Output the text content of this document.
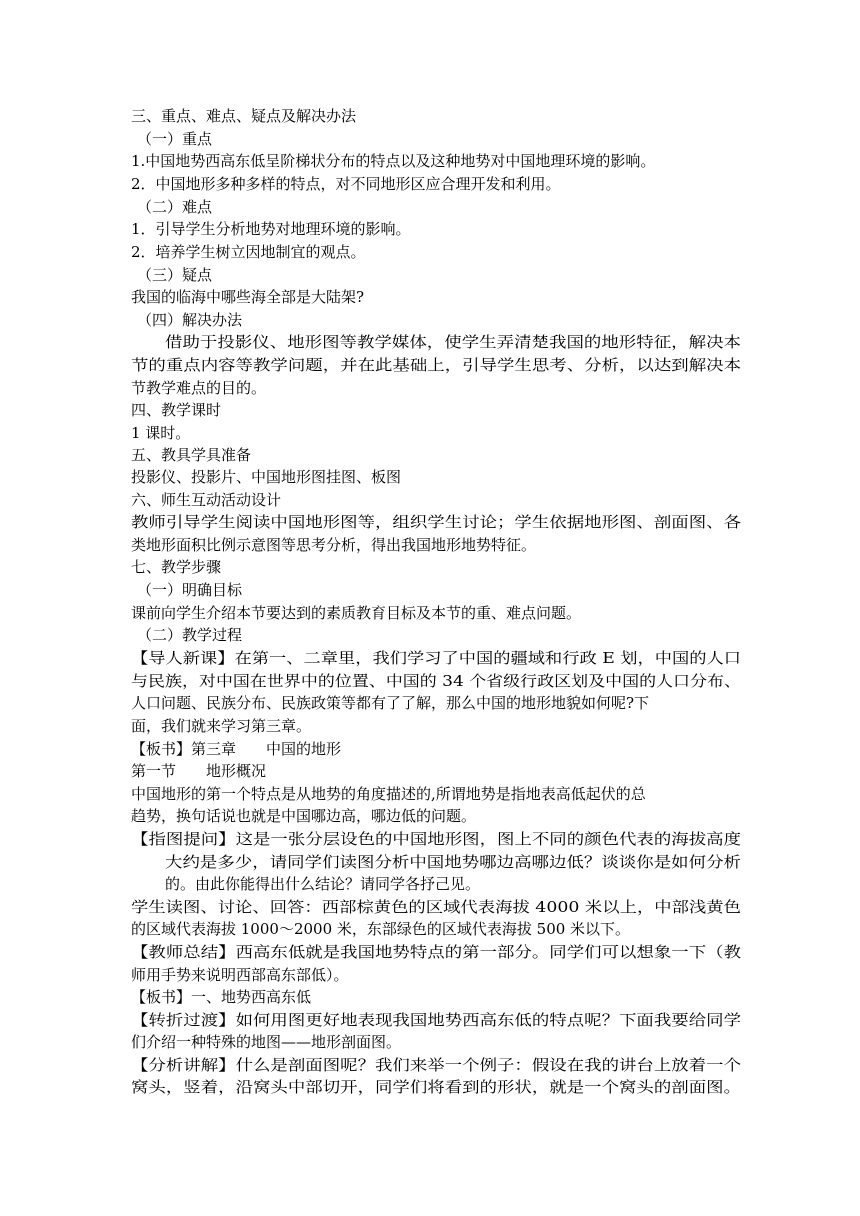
三、重点、难点、疑点及解决办法
（一）重点
1.中国地势西高东低呈阶梯状分布的特点以及这种地势对中国地理环境的影响。
2．中国地形多种多样的特点，对不同地形区应合理开发和利用。
（二）难点
1．引导学生分析地势对地理环境的影响。
2．培养学生树立因地制宜的观点。
（三）疑点
我国的临海中哪些海全部是大陆架?
（四）解决办法
借助于投影仪、地形图等教学媒体，使学生弄清楚我国的地形特征，解决本
节的重点内容等教学问题，并在此基础上，引导学生思考、分析，以达到解决本
节教学难点的目的。
四、教学课时
1 课时。
五、教具学具准备
投影仪、投影片、中国地形图挂图、板图
六、师生互动活动设计
教师引导学生阅读中国地形图等，组织学生讨论；学生依据地形图、剖面图、各
类地形面积比例示意图等思考分析，得出我国地形地势特征。
七、教学步骤
（一）明确目标
课前向学生介绍本节要达到的素质教育目标及本节的重、难点问题。
（二）教学过程
【导人新课】在第一、二章里，我们学习了中国的疆域和行政 E 划，中国的人口
与民族，对中国在世界中的位置、中国的 34 个省级行政区划及中国的人口分布、
人口问题、民族分布、民族政策等都有了了解，那么中国的地形地貌如何呢?下
面，我们就来学习第三章。
【板书】第三章　　中国的地形
第一节　　地形概况
中国地形的第一个特点是从地势的角度描述的,所谓地势是指地表高低起伏的总
趋势，换句话说也就是中国哪边高，哪边低的问题。
【指图提问】这是一张分层设色的中国地形图，图上不同的颜色代表的海拔高度
大约是多少，请同学们读图分析中国地势哪边高哪边低？谈谈你是如何分析
的。由此你能得出什么结论？请同学各抒己见。
学生读图、讨论、回答：西部棕黄色的区域代表海拔 4000 米以上，中部浅黄色
的区域代表海拔 1000～2000 米，东部绿色的区域代表海拔 500 米以下。
【教师总结】西高东低就是我国地势特点的第一部分。同学们可以想象一下（教
师用手势来说明西部高东部低）。
【板书】一、地势西高东低
【转折过渡】如何用图更好地表现我国地势西高东低的特点呢？下面我要给同学
们介绍一种特殊的地图——地形剖面图。
【分析讲解】什么是剖面图呢？我们来举一个例子：假设在我的讲台上放着一个
窝头，竖着，沿窝头中部切开，同学们将看到的形状，就是一个窝头的剖面图。
